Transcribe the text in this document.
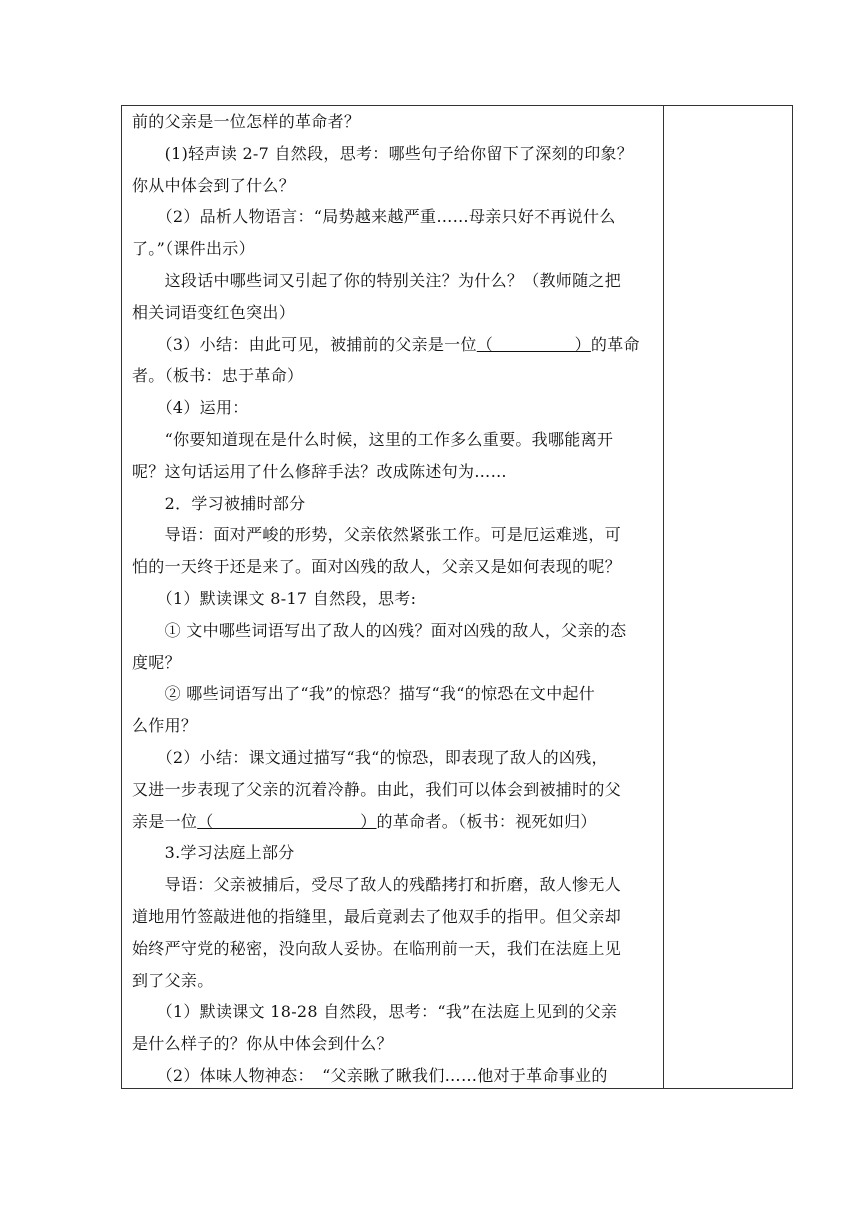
前的父亲是一位怎样的革命者？
　　(1)轻声读 2-7 自然段，思考：哪些句子给你留下了深刻的印象？
你从中体会到了什么？
　　（2）品析人物语言：“局势越来越严重……母亲只好不再说什么
了。”（课件出示）
　　这段话中哪些词又引起了你的特别关注？为什么？（教师随之把
相关词语变红色突出）
　　（3）小结：由此可见，被捕前的父亲是一位（　　　　　）的革命
者。（板书：忠于革命）
　　（4）运用：
　　“你要知道现在是什么时候，这里的工作多么重要。我哪能离开
呢？这句话运用了什么修辞手法？改成陈述句为……
　　2．学习被捕时部分
　　导语：面对严峻的形势，父亲依然紧张工作。可是厄运难逃，可
怕的一天终于还是来了。面对凶残的敌人，父亲又是如何表现的呢？
　　（1）默读课文 8-17 自然段，思考:
　　① 文中哪些词语写出了敌人的凶残？面对凶残的敌人，父亲的态
度呢？
　　② 哪些词语写出了“我”的惊恐？描写“我“的惊恐在文中起什
么作用？
　　（2）小结：课文通过描写“我“的惊恐，即表现了敌人的凶残，
又进一步表现了父亲的沉着冷静。由此，我们可以体会到被捕时的父
亲是一位（　　　　　　　　　）的革命者。（板书：视死如归）
　　3.学习法庭上部分
　　导语：父亲被捕后，受尽了敌人的残酷拷打和折磨，敌人惨无人
道地用竹签敲进他的指缝里，最后竟剥去了他双手的指甲。但父亲却
始终严守党的秘密，没向敌人妥协。在临刑前一天，我们在法庭上见
到了父亲。
　　（1）默读课文 18-28 自然段，思考：“我”在法庭上见到的父亲
是什么样子的？你从中体会到什么？
　　（2）体味人物神态：　“父亲瞅了瞅我们……他对于革命事业的
